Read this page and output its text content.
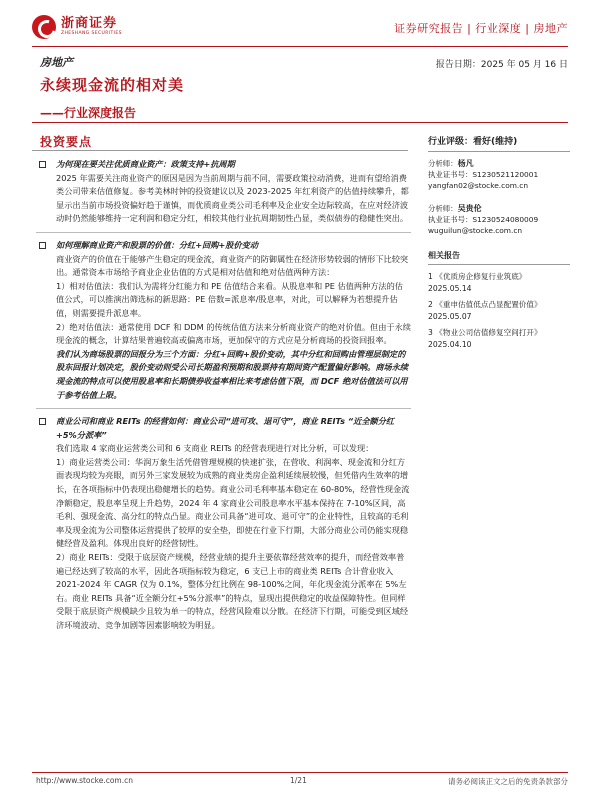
浙商证券
ZHESHANG SECURITIES	证券研究报告 | 行业深度 | 房地产
房地产	报告日期：2025 年 05 月 16 日
永续现金流的相对美
——行业深度报告
投资要点
为何现在要关注优质商业资产：政策支持+抗周期

2025 年需要关注商业资产的原因是因为当前周期与前不同，需要政策拉动消费，进而有望给消费类公司带来估值修复。参考美林时钟的投资建议以及 2023-2025 年红利资产的估值持续攀升，都显示出当前市场投资偏好趋于谨慎，而优质商业类公司毛利率及企业安全边际较高，在应对经济波动时仍然能够维持一定利润和稳定分红，相较其他行业抗周期韧性凸显，类似债券的稳健性突出。

如何理解商业资产和股票的价值：分红+回购+股价变动

商业资产的价值在于能够产生稳定的现金流，商业资产的防御属性在经济形势较弱的情形下比较突出。通常资本市场给予商业企业估值的方式是相对估值和绝对估值两种方法：

1）相对估值法：我们认为需将分红能力和 PE 估值结合来看。从股息率和 PE 估值两种方法的估值公式，可以推演出筛选标的新思路：PE 倍数=派息率/股息率，对此，可以解释为若想提升估值，则需要提升派息率。

2）绝对估值法：通常使用 DCF 和 DDM 的传统估值方法来分析商业资产的绝对价值。但由于永续现金流的概念，计算结果普遍较高或偏离市场，更加保守的方式应是分析商场的投资回报率。

我们认为商场股票的回报分为三个方面：分红+回购+股价变动，其中分红和回购由管理层制定的股东回报计划决定，股价变动则受公司长期盈利预期和股票持有期间资产配置偏好影响。商场永续现金流的特点可以使用股息率和长期债券收益率相比来考虑估值下限，而 DCF 绝对估值法可以用于参考估值上限。

商业公司和商业 REITs 的经营如何：商业公司“进可攻、退可守”，商业 REITs “近全额分红+5%分派率”

我们选取 4 家商业运营类公司和 6 支商业 REITs 的经营表现进行对比分析，可以发现：

1）商业运营类公司：华润万象生活凭借管理规模的快速扩张，在营收、利润率、现金流和分红方面表现均较为亮眼，而另外三家发展较为成熟的商业类房企盈利延续展较慢，但凭借内生效率的增长，在各项指标中仍表现出稳健增长的趋势。商业公司毛利率基本稳定在 60-80%，经营性现金流净额稳定，股息率呈现上升趋势，2024 年 4 家商业公司股息率水平基本保持在 7-10%区间，高毛利、强现金流、高分红的特点凸显。商业公司具备“进可攻、退可守”的企业特性，且较高的毛利率及现金流为公司整体运营提供了较厚的安全垫，即使在行业下行期，大部分商业公司仍能实现稳健经营及盈利。体现出良好的经营韧性。

2）商业 REITs：受限于底层资产规模，经营业绩的提升主要依靠经营效率的提升，而经营效率普遍已经达到了较高的水平，因此各项指标较为稳定，6 支已上市的商业类 REITs 合计营业收入 2021-2024 年 CAGR 仅为 0.1%，整体分红比例在 98-100%之间，年化现金流分派率在 5%左右。商业 REITs 具备“近全额分红+5%分派率”的特点，显现出提供稳定的收益保障特性。但同样受限于底层资产规模缺少且较为单一的特点，经营风险难以分散。在经济下行期，可能受到区域经济环境波动、竞争加剧等因素影响较为明显。

行业评级：看好(维持)
分析师：杨凡
执业证书号：S1230521120001
yangfan02@stocke.com.cn
分析师：吴贵伦
执业证书号：S1230524080009
wuguilun@stocke.com.cn
相关报告
1 《优质房企修复行业筑底》
2025.05.14
2 《重申估值低点凸显配置价值》
2025.05.07
3 《物业公司估值修复空间打开》
2025.04.10
http://www.stocke.com.cn	1/21	请务必阅读正文之后的免责条款部分
